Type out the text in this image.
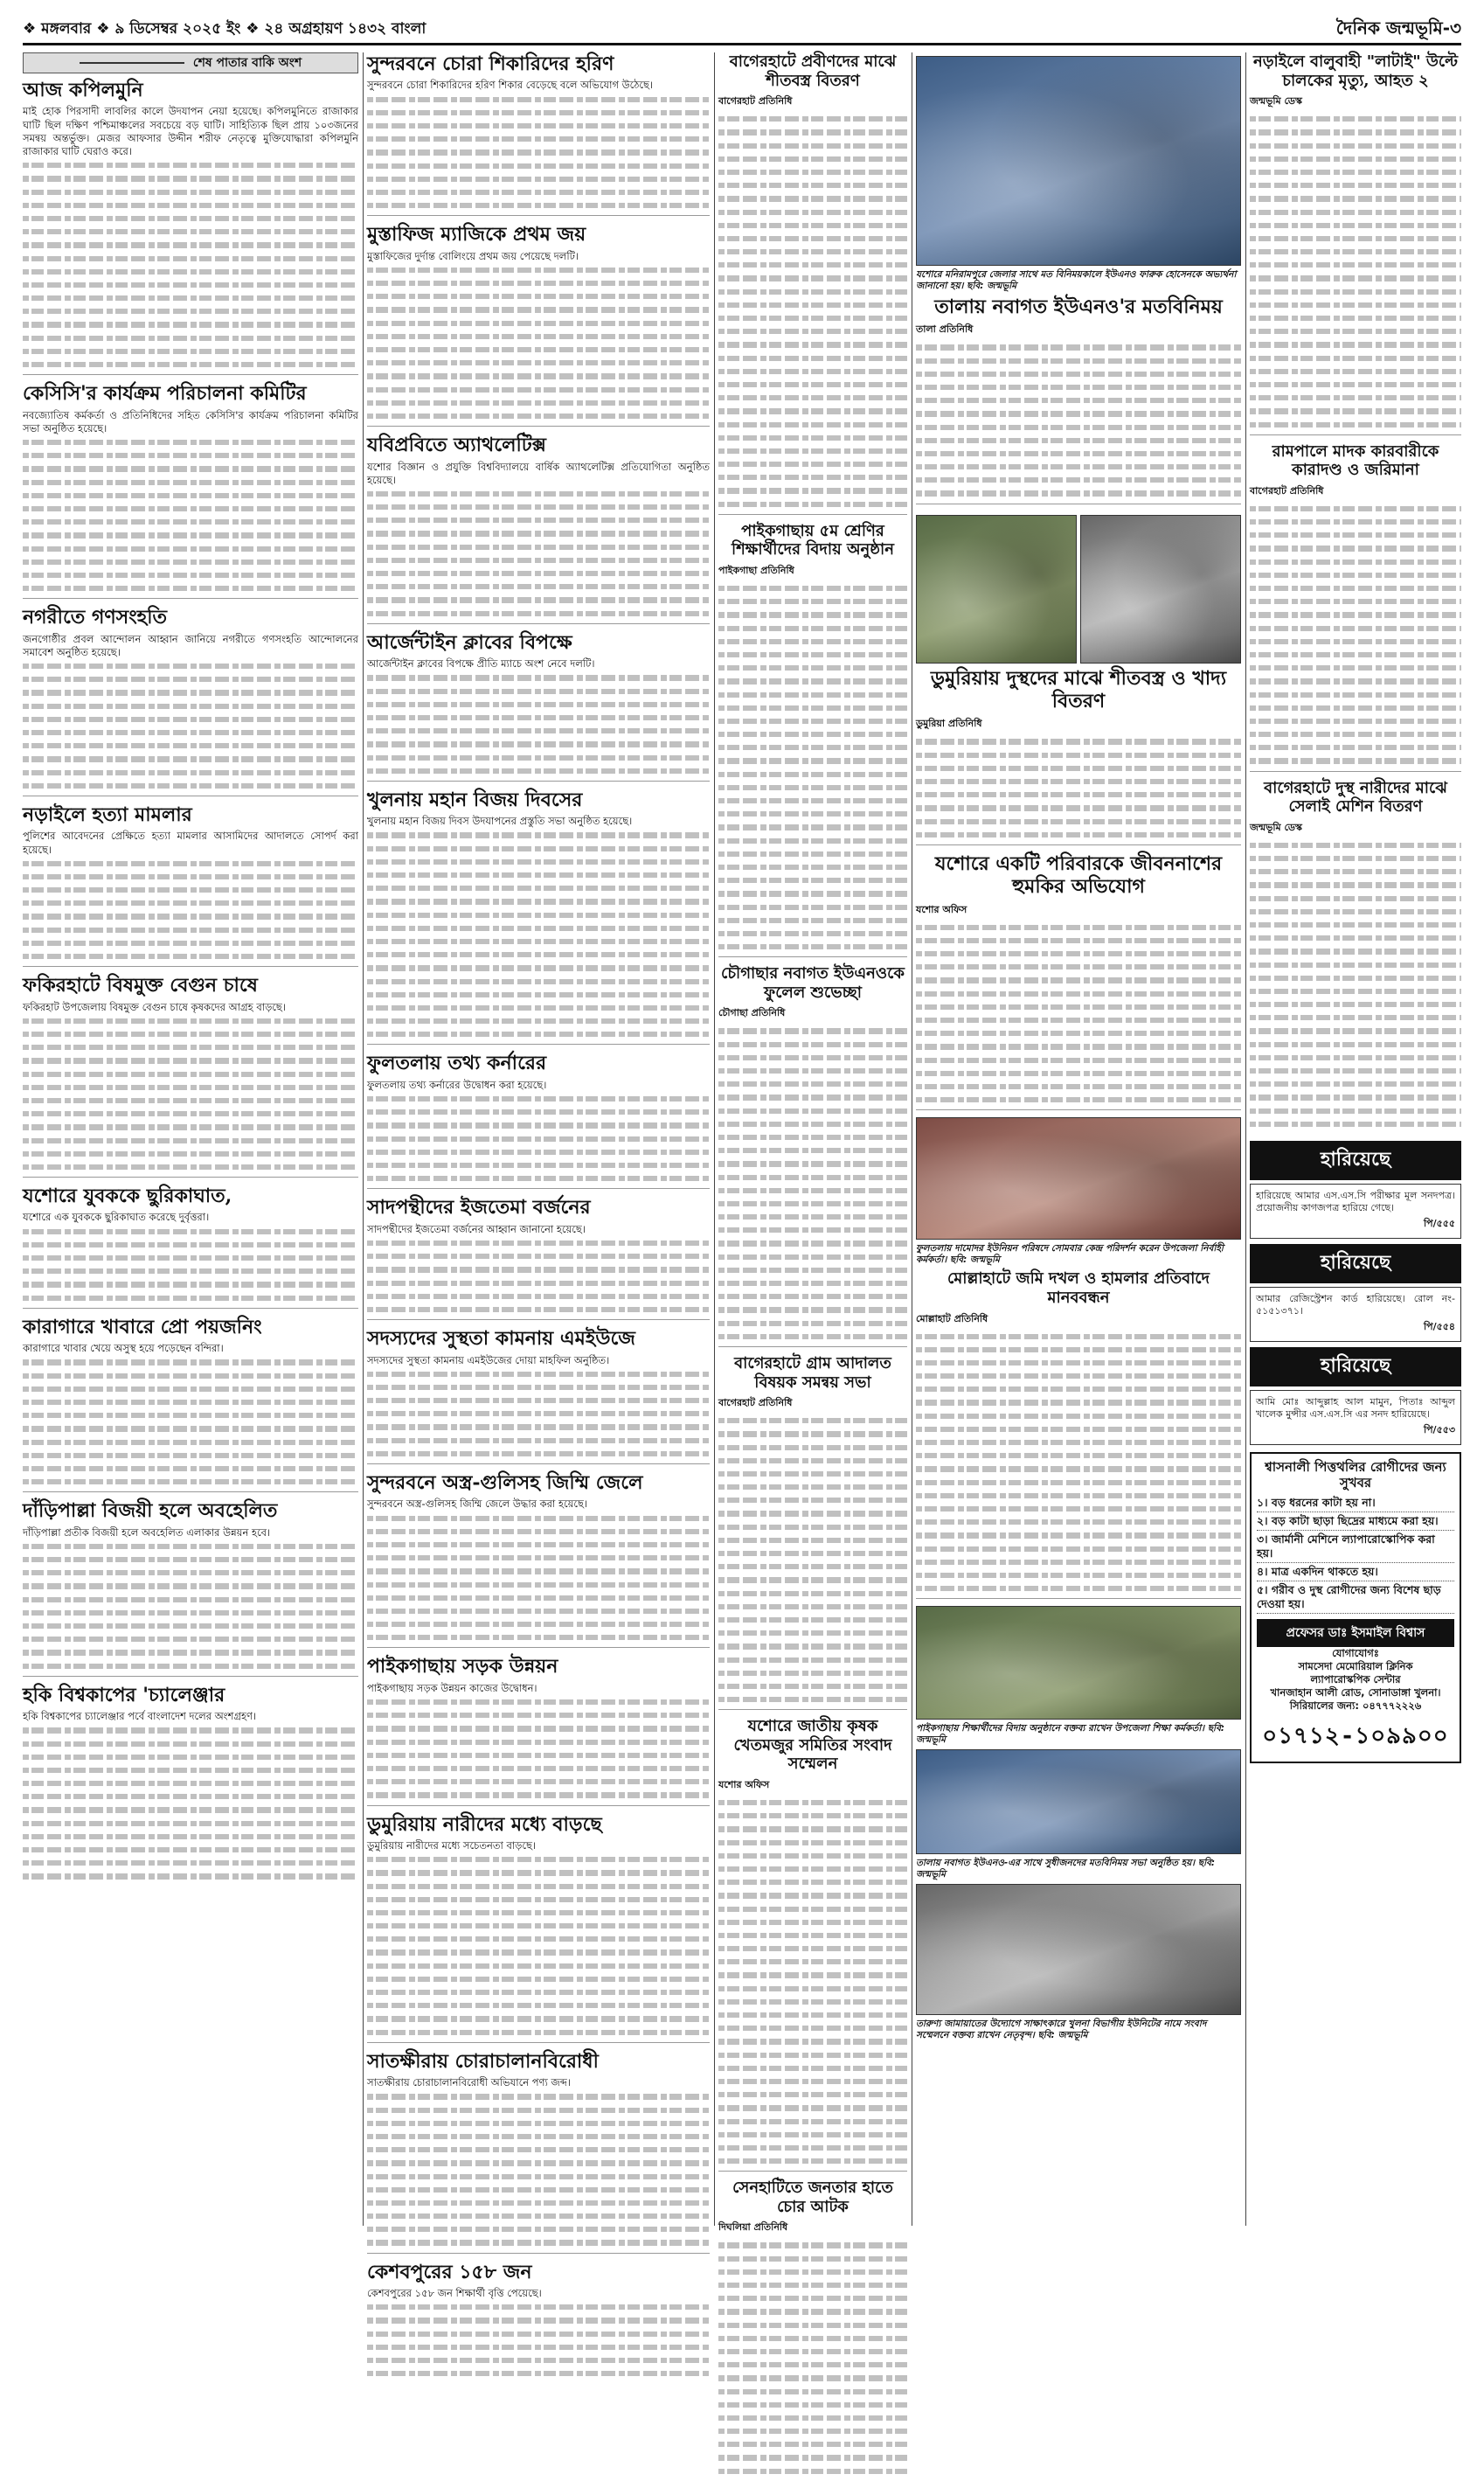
❖ মঙ্গলবার ❖ ৯ ডিসেম্বর ২০২৫ ইং ❖ ২৪ অগ্রহায়ণ ১৪৩২ বাংলা	দৈনিক জন্মভূমি-৩
শেষ পাতার বাকি অংশ
আজ কপিলমুনি
মাই হোক পিরসাদী লাবলির কালে উদযাপন নেয়া হয়েছে। কপিলমুনিতে রাজাকার ঘাটি ছিল দক্ষিণ পশ্চিমাঞ্চলের সবচেয়ে বড় ঘাটি। সাহিত্যিক ছিল প্রায় ১০৩জনের সমন্বয় অন্তর্ভুক্ত। মেজর আফসার উদ্দীন শরীফ নেতৃত্বে মুক্তিযোদ্ধারা কপিলমুনি রাজাকার ঘাটি ঘেরাও করে।
কেসিসি'র কার্যক্রম পরিচালনা কমিটির
নবজ্যোতিষ কর্মকর্তা ও প্রতিনিধিদের সহিত কেসিসি'র কার্যক্রম পরিচালনা কমিটির সভা অনুষ্ঠিত হয়েছে।
নগরীতে গণসংহতি
জনগোষ্ঠীর প্রবল আন্দোলন আহ্বান জানিয়ে নগরীতে গণসংহতি আন্দোলনের সমাবেশ অনুষ্ঠিত হয়েছে।
নড়াইলে হত্যা মামলার
পুলিশের আবেদনের প্রেক্ষিতে হত্যা মামলার আসামিদের আদালতে সোপর্দ করা হয়েছে।
ফকিরহাটে বিষমুক্ত বেগুন চাষে
ফকিরহাট উপজেলায় বিষমুক্ত বেগুন চাষে কৃষকদের আগ্রহ বাড়ছে।
যশোরে যুবককে ছুরিকাঘাত,
যশোরে এক যুবককে ছুরিকাঘাত করেছে দুর্বৃত্তরা।
কারাগারে খাবারে প্রো পয়জনিং
কারাগারে খাবার খেয়ে অসুস্থ হয়ে পড়েছেন বন্দিরা।
দাঁড়িপাল্লা বিজয়ী হলে অবহেলিত
দাঁড়িপাল্লা প্রতীক বিজয়ী হলে অবহেলিত এলাকার উন্নয়ন হবে।
হকি বিশ্বকাপের 'চ্যালেঞ্জার
হকি বিশ্বকাপের চ্যালেঞ্জার পর্বে বাংলাদেশ দলের অংশগ্রহণ।
সুন্দরবনে চোরা শিকারিদের হরিণ
সুন্দরবনে চোরা শিকারিদের হরিণ শিকার বেড়েছে বলে অভিযোগ উঠেছে।
মুস্তাফিজ ম্যাজিকে প্রথম জয়
মুস্তাফিজের দুর্দান্ত বোলিংয়ে প্রথম জয় পেয়েছে দলটি।
যবিপ্রবিতে অ্যাথলেটিক্স
যশোর বিজ্ঞান ও প্রযুক্তি বিশ্ববিদ্যালয়ে বার্ষিক অ্যাথলেটিক্স প্রতিযোগিতা অনুষ্ঠিত হয়েছে।
আর্জেন্টাইন ক্লাবের বিপক্ষে
আর্জেন্টাইন ক্লাবের বিপক্ষে প্রীতি ম্যাচে অংশ নেবে দলটি।
খুলনায় মহান বিজয় দিবসের
খুলনায় মহান বিজয় দিবস উদযাপনের প্রস্তুতি সভা অনুষ্ঠিত হয়েছে।
ফুলতলায় তথ্য কর্নারের
ফুলতলায় তথ্য কর্নারের উদ্বোধন করা হয়েছে।
সাদপন্থীদের ইজতেমা বর্জনের
সাদপন্থীদের ইজতেমা বর্জনের আহ্বান জানানো হয়েছে।
সদস্যদের সুস্থতা কামনায় এমইউজে
সদস্যদের সুস্থতা কামনায় এমইউজের দোয়া মাহফিল অনুষ্ঠিত।
সুন্দরবনে অস্ত্র-গুলিসহ জিম্মি জেলে
সুন্দরবনে অস্ত্র-গুলিসহ জিম্মি জেলে উদ্ধার করা হয়েছে।
পাইকগাছায় সড়ক উন্নয়ন
পাইকগাছায় সড়ক উন্নয়ন কাজের উদ্বোধন।
ডুমুরিয়ায় নারীদের মধ্যে বাড়ছে
ডুমুরিয়ায় নারীদের মধ্যে সচেতনতা বাড়ছে।
সাতক্ষীরায় চোরাচালানবিরোধী
সাতক্ষীরায় চোরাচালানবিরোধী অভিযানে পণ্য জব্দ।
কেশবপুরের ১৫৮ জন
কেশবপুরের ১৫৮ জন শিক্ষার্থী বৃত্তি পেয়েছে।
বাগেরহাটে প্রবীণদের মাঝে শীতবস্ত্র বিতরণ
বাগেরহাট প্রতিনিধি
পাইকগাছায় ৫ম শ্রেণির শিক্ষার্থীদের বিদায় অনুষ্ঠান
পাইকগাছা প্রতিনিধি
চৌগাছার নবাগত ইউএনওকে ফুলেল শুভেচ্ছা
চৌগাছা প্রতিনিধি
বাগেরহাটে গ্রাম আদালত বিষয়ক সমন্বয় সভা
বাগেরহাট প্রতিনিধি
যশোরে জাতীয় কৃষক খেতমজুর সমিতির সংবাদ সম্মেলন
যশোর অফিস
সেনহাটিতে জনতার হাতে চোর আটক
দিঘলিয়া প্রতিনিধি
যশোরে মনিরামপুরে জেলার সাথে মত বিনিময়কালে ইউএনও ফারুক হোসেনকে অভ্যর্থনা জানানো হয়। ছবি: জন্মভূমি
তালায় নবাগত ইউএনও'র মতবিনিময়
তালা প্রতিনিধি
ডুমুরিয়ায় দুস্থদের মাঝে শীতবস্ত্র ও খাদ্য বিতরণ
ডুমুরিয়া প্রতিনিধি
যশোরে একটি পরিবারকে জীবননাশের হুমকির অভিযোগ
যশোর অফিস
ফুলতলায় দামোদর ইউনিয়ন পরিষদে সোমবার কেন্দ্র পরিদর্শন করেন উপজেলা নির্বাহী কর্মকর্তা। ছবি: জন্মভূমি
মোল্লাহাটে জমি দখল ও হামলার প্রতিবাদে মানববন্ধন
মোল্লাহাট প্রতিনিধি
পাইকগাছায় শিক্ষার্থীদের বিদায় অনুষ্ঠানে বক্তব্য রাখেন উপজেলা শিক্ষা কর্মকর্তা। ছবি: জন্মভূমি
তালায় নবাগত ইউএনও-এর সাথে সুধীজনদের মতবিনিময় সভা অনুষ্ঠিত হয়। ছবি: জন্মভূমি
তারুণ্য জামায়াতের উদ্যোগে সাক্ষাৎকারে খুলনা বিভাগীয় ইউনিটের নামে সংবাদ সম্মেলনে বক্তব্য রাখেন নেতৃবৃন্দ। ছবি: জন্মভূমি
নড়াইলে বালুবাহী "লাটাই" উল্টে চালকের মৃত্যু, আহত ২
জন্মভূমি ডেস্ক
রামপালে মাদক কারবারীকে কারাদণ্ড ও জরিমানা
বাগেরহাট প্রতিনিধি
বাগেরহাটে দুস্থ নারীদের মাঝে সেলাই মেশিন বিতরণ
জন্মভূমি ডেস্ক
হারিয়েছে
হারিয়েছে আমার এস.এস.সি পরীক্ষার মূল সনদপত্র। প্রয়োজনীয় কাগজপত্র হারিয়ে গেছে।
পি/৫৫৫
হারিয়েছে
আমার রেজিস্ট্রেশন কার্ড হারিয়েছে। রোল নং- ৫১৫১৩৭১।
পি/৫৫৪
হারিয়েছে
আমি মোঃ আব্দুল্লাহ আল মামুন, পিতাঃ আব্দুল খালেক মুন্সীর এস.এস.সি এর সনদ হারিয়েছে।
পি/৫৫৩
শ্বাসনালী পিত্তথলির রোগীদের জন্য সুখবর
১। বড় ধরনের কাটা হয় না।
২। বড় কাটা ছাড়া ছিদ্রের মাধ্যমে করা হয়।
৩। জার্মানী মেশিনে ল্যাপারোস্কোপিক করা হয়।
৪। মাত্র একদিন থাকতে হয়।
৫। গরীব ও দুস্থ রোগীদের জন্য বিশেষ ছাড় দেওয়া হয়।
প্রফেসর ডাঃ ইসমাইল বিশ্বাস
যোগাযোগঃ
সামসেদা মেমোরিয়াল ক্লিনিক
ল্যাপারোস্কপিক সেন্টার
খানজাহান আলী রোড, সোনাডাঙ্গা খুলনা।
সিরিয়ালের জন্য: ০৪৭৭৭২২২৬
০১৭১২-১০৯৯০০
